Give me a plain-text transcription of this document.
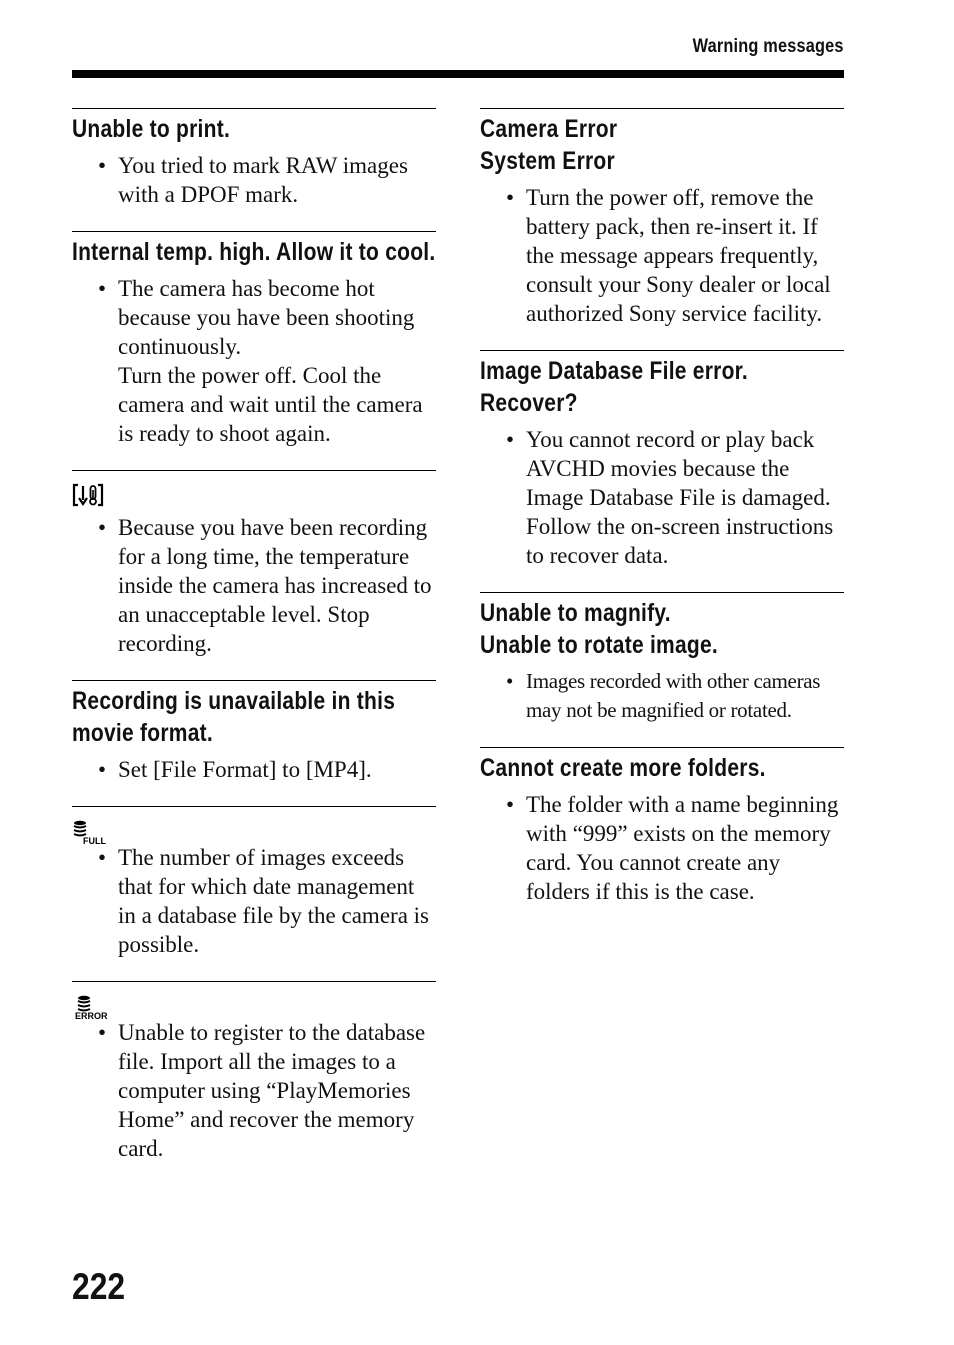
Warning messages
Unable to print.
• You tried to mark RAW images with a DPOF mark.
Internal temp. high. Allow it to cool.
• The camera has become hot because you have been shooting continuously.
Turn the power off. Cool the camera and wait until the camera is ready to shoot again.
• Because you have been recording for a long time, the temperature inside the camera has increased to an unacceptable level. Stop recording.
Recording is unavailable in this movie format.
• Set [File Format] to [MP4].
FULL
• The number of images exceeds that for which date management in a database file by the camera is possible.
ERROR
• Unable to register to the database file. Import all the images to a computer using “PlayMemories Home” and recover the memory card.
Camera Error
System Error
• Turn the power off, remove the battery pack, then re-insert it. If the message appears frequently, consult your Sony dealer or local authorized Sony service facility.
Image Database File error. Recover?
• You cannot record or play back AVCHD movies because the Image Database File is damaged. Follow the on-screen instructions to recover data.
Unable to magnify.
Unable to rotate image.
• Images recorded with other cameras may not be magnified or rotated.
Cannot create more folders.
• The folder with a name beginning with “999” exists on the memory card. You cannot create any folders if this is the case.
222
